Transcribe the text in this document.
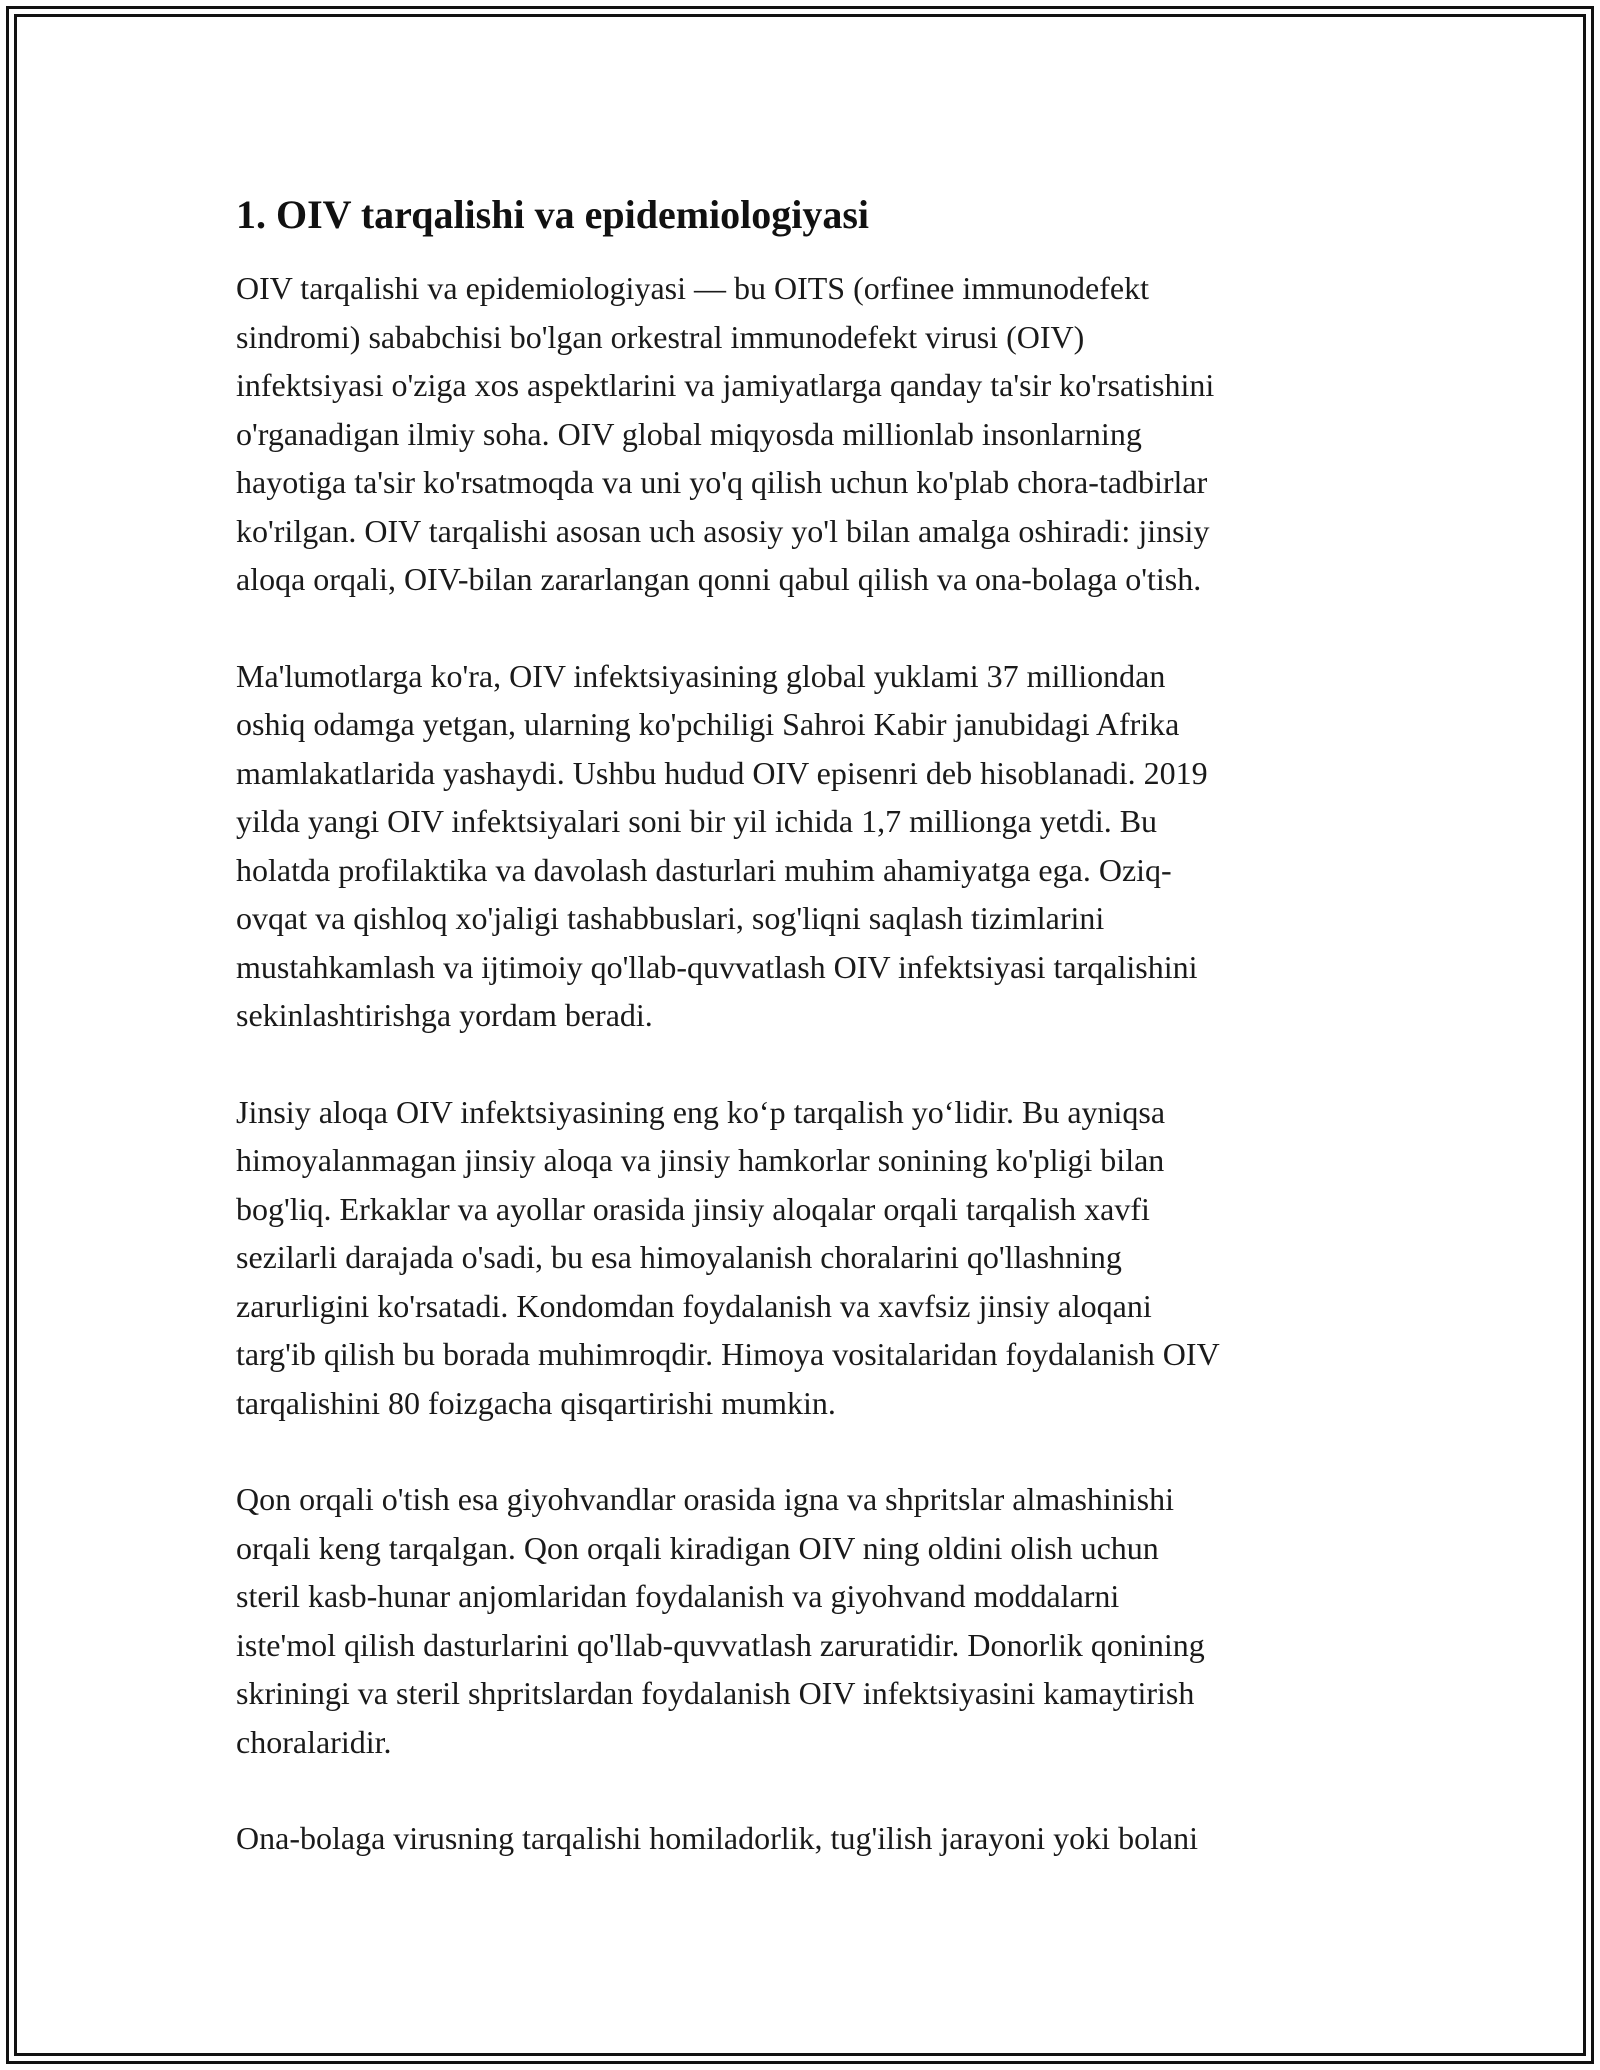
1. OIV tarqalishi va epidemiologiyasi

OIV tarqalishi va epidemiologiyasi — bu OITS (orfinee immunodefekt
sindromi) sababchisi bo'lgan orkestral immunodefekt virusi (OIV)
infektsiyasi o'ziga xos aspektlarini va jamiyatlarga qanday ta'sir ko'rsatishini
o'rganadigan ilmiy soha. OIV global miqyosda millionlab insonlarning
hayotiga ta'sir ko'rsatmoqda va uni yo'q qilish uchun ko'plab chora-tadbirlar
ko'rilgan. OIV tarqalishi asosan uch asosiy yo'l bilan amalga oshiradi: jinsiy
aloqa orqali, OIV-bilan zararlangan qonni qabul qilish va ona-bolaga o'tish.

Ma'lumotlarga ko'ra, OIV infektsiyasining global yuklami 37 milliondan
oshiq odamga yetgan, ularning ko'pchiligi Sahroi Kabir janubidagi Afrika
mamlakatlarida yashaydi. Ushbu hudud OIV episenri deb hisoblanadi. 2019
yilda yangi OIV infektsiyalari soni bir yil ichida 1,7 millionga yetdi. Bu
holatda profilaktika va davolash dasturlari muhim ahamiyatga ega. Oziq-
ovqat va qishloq xo'jaligi tashabbuslari, sog'liqni saqlash tizimlarini
mustahkamlash va ijtimoiy qo'llab-quvvatlash OIV infektsiyasi tarqalishini
sekinlashtirishga yordam beradi.

Jinsiy aloqa OIV infektsiyasining eng ko‘p tarqalish yo‘lidir. Bu ayniqsa
himoyalanmagan jinsiy aloqa va jinsiy hamkorlar sonining ko'pligi bilan
bog'liq. Erkaklar va ayollar orasida jinsiy aloqalar orqali tarqalish xavfi
sezilarli darajada o'sadi, bu esa himoyalanish choralarini qo'llashning
zarurligini ko'rsatadi. Kondomdan foydalanish va xavfsiz jinsiy aloqani
targ'ib qilish bu borada muhimroqdir. Himoya vositalaridan foydalanish OIV
tarqalishini 80 foizgacha qisqartirishi mumkin.

Qon orqali o'tish esa giyohvandlar orasida igna va shpritslar almashinishi
orqali keng tarqalgan. Qon orqali kiradigan OIV ning oldini olish uchun
steril kasb-hunar anjomlaridan foydalanish va giyohvand moddalarni
iste'mol qilish dasturlarini qo'llab-quvvatlash zaruratidir. Donorlik qonining
skriningi va steril shpritslardan foydalanish OIV infektsiyasini kamaytirish
choralaridir.

Ona-bolaga virusning tarqalishi homiladorlik, tug'ilish jarayoni yoki bolani
